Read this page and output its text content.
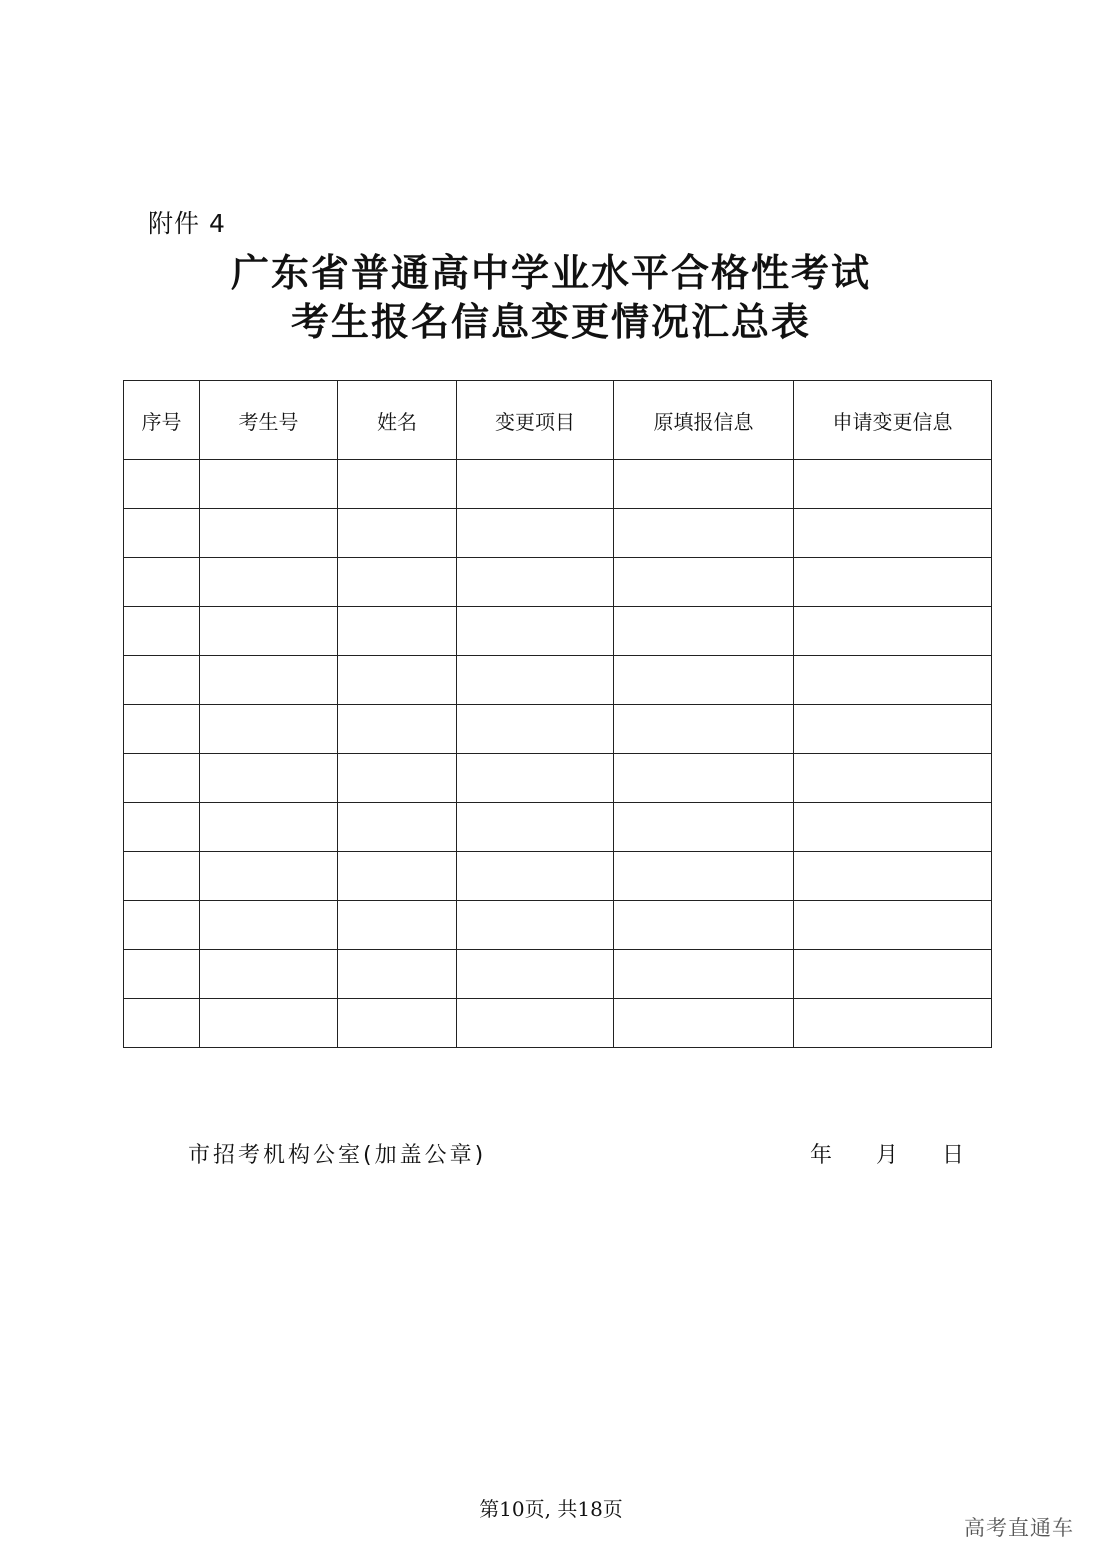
附件 4
广东省普通高中学业水平合格性考试
考生报名信息变更情况汇总表
序号	考生号	姓名	变更项目	原填报信息	申请变更信息

市招考机构公室(加盖公章)	年 月 日
第10页, 共18页
高考直通车
